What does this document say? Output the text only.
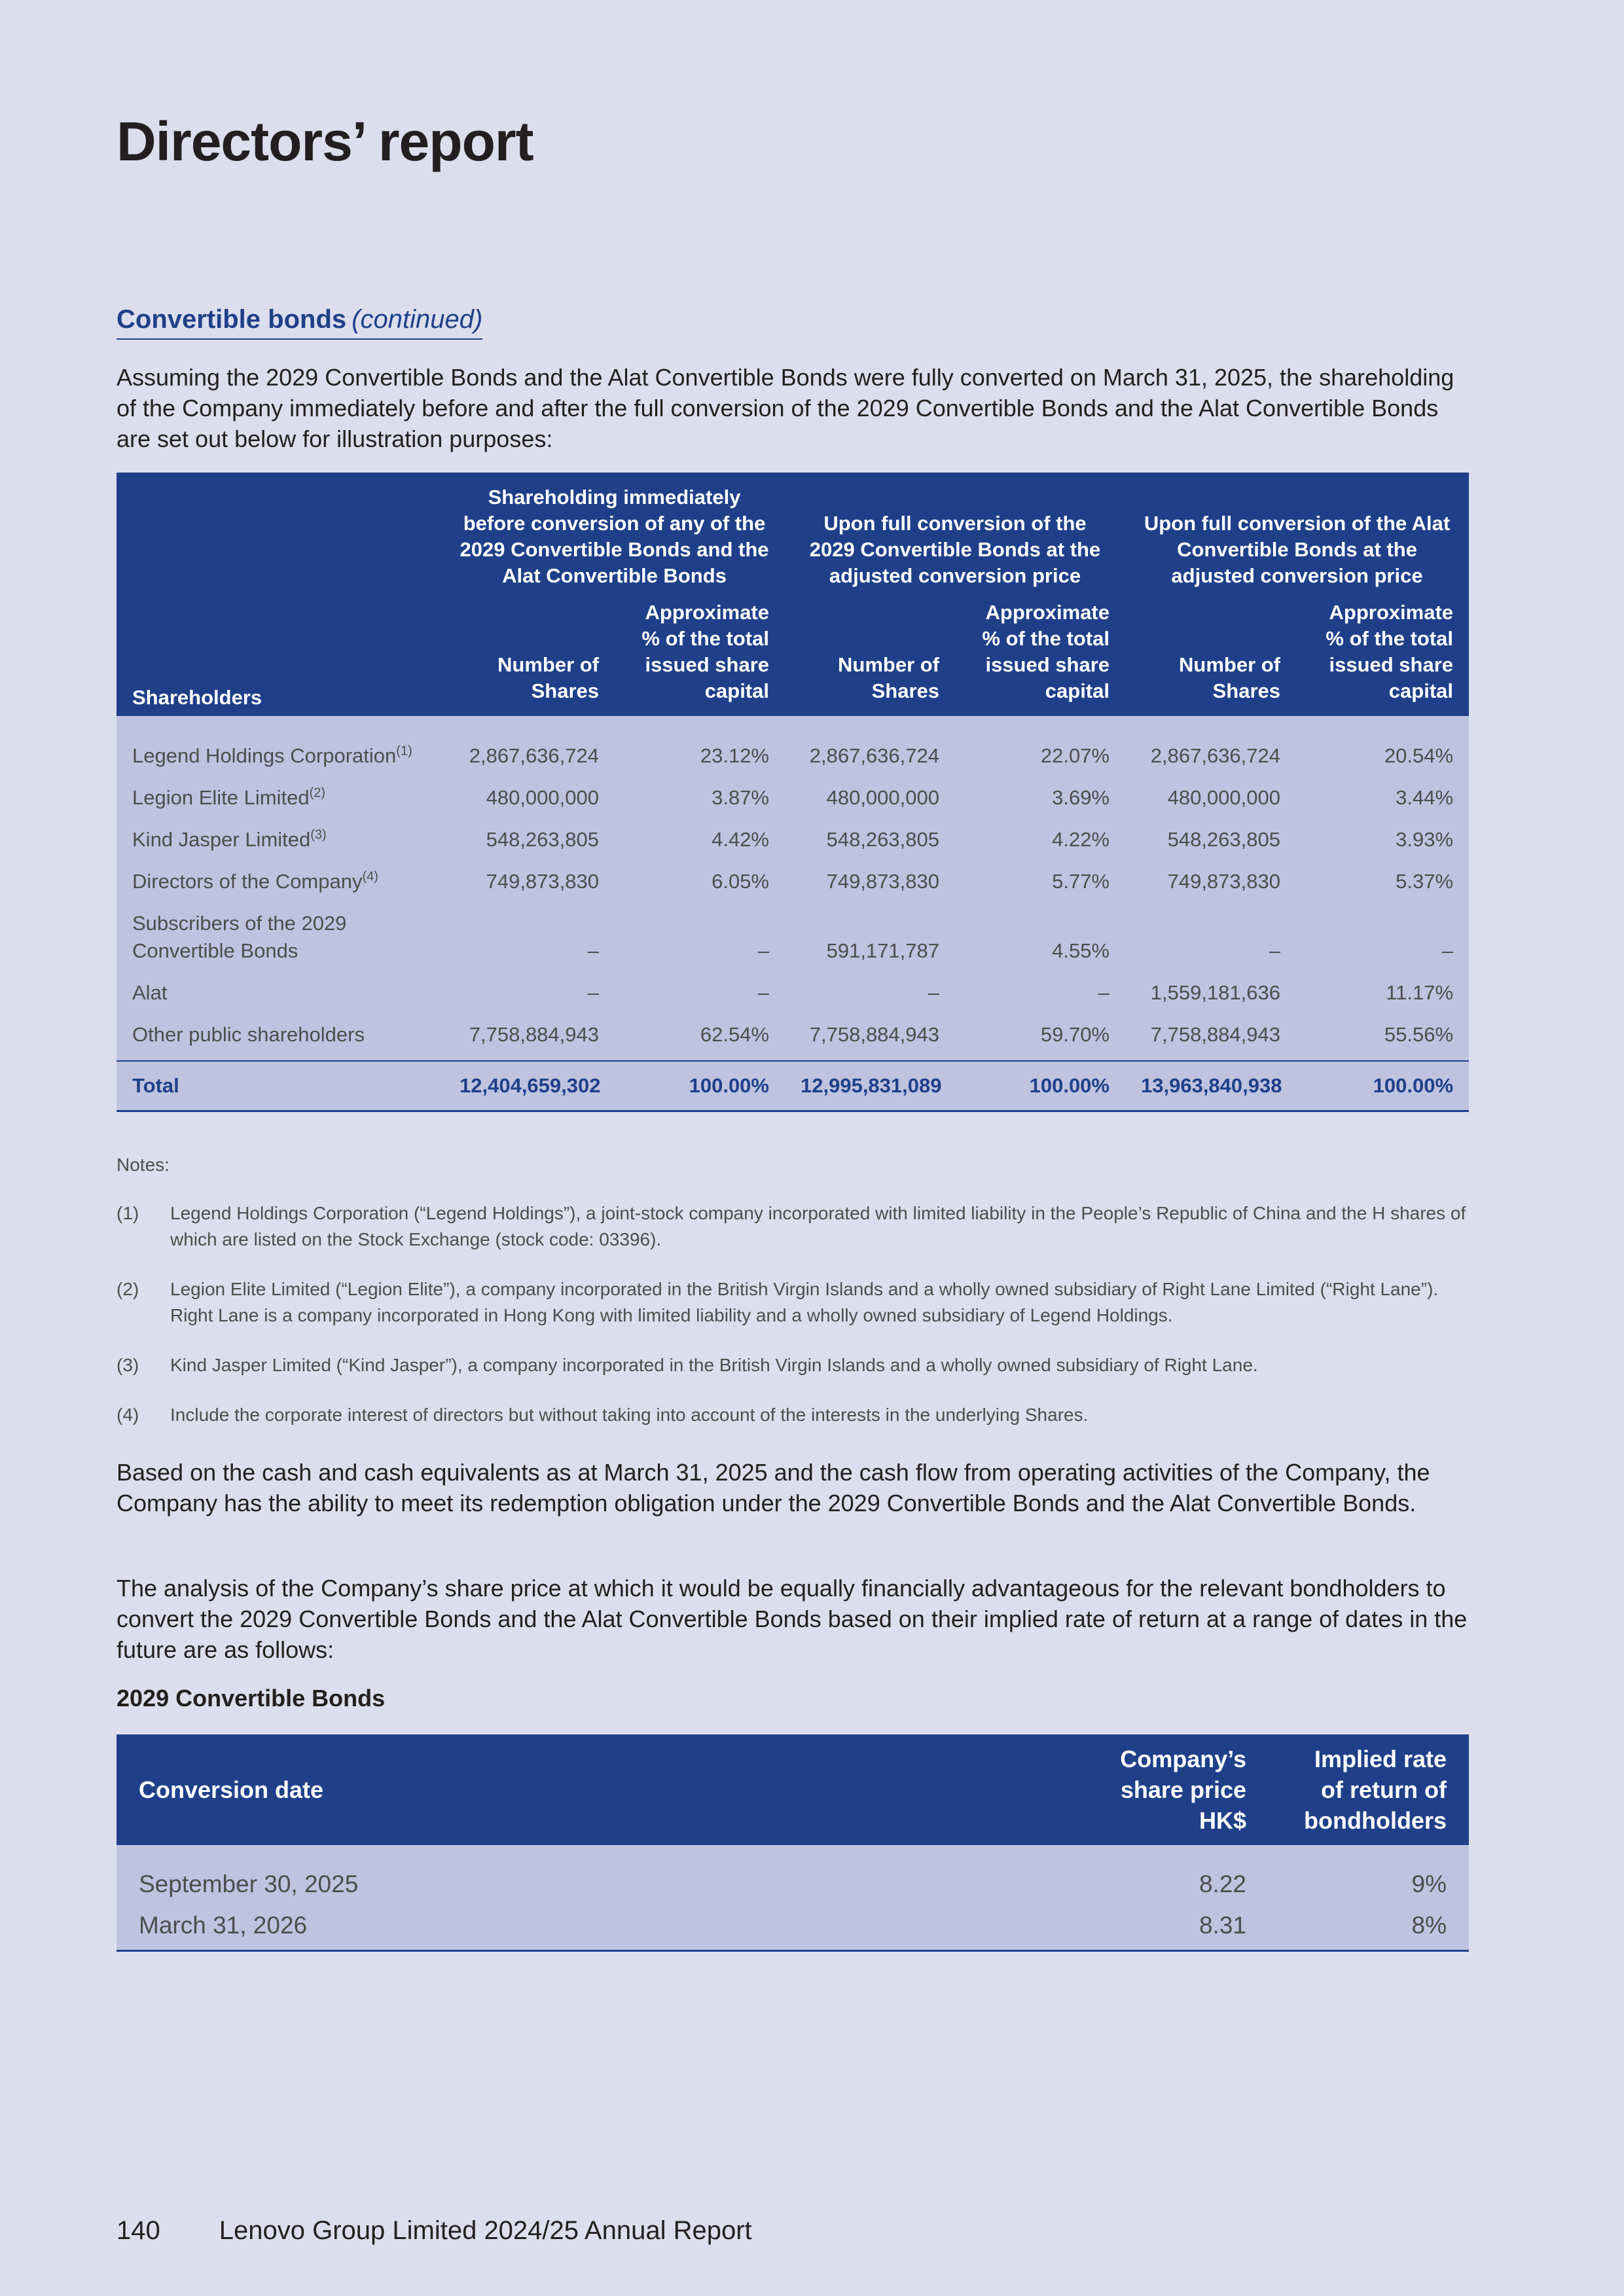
Directors’ report
Convertible bonds (continued)

Assuming the 2029 Convertible Bonds and the Alat Convertible Bonds were fully converted on March 31, 2025, the shareholding of the Company immediately before and after the full conversion of the 2029 Convertible Bonds and the Alat Convertible Bonds are set out below for illustration purposes:

Shareholders	Shareholding immediately before conversion of any of the 2029 Convertible Bonds and the Alat Convertible Bonds		Upon full conversion of the 2029 Convertible Bonds at the adjusted conversion price		Upon full conversion of the Alat Convertible Bonds at the adjusted conversion price	
	Number of Shares	Approximate % of the total issued share capital	Number of Shares	Approximate % of the total issued share capital	Number of Shares	Approximate % of the total issued share capital
Legend Holdings Corporation$^{(1)}$	2,867,636,724	23.12%	2,867,636,724	22.07%	2,867,636,724	20.54%
Legion Elite Limited$^{(2)}$	480,000,000	3.87%	480,000,000	3.69%	480,000,000	3.44%
Kind Jasper Limited$^{(3)}$	548,263,805	4.42%	548,263,805	4.22%	548,263,805	3.93%
Directors of the Company$^{(4)}$	749,873,830	6.05%	749,873,830	5.77%	749,873,830	5.37%
Subscribers of the 2029 Convertible Bonds	–	–	591,171,787	4.55%	–	–
Alat	–	–	–	–	1,559,181,636	11.17%
Other public shareholders	7,758,884,943	62.54%	7,758,884,943	59.70%	7,758,884,943	55.56%
Total	12,404,659,302	100.00%	12,995,831,089	100.00%	13,963,840,938	100.00%
Notes:
(1)	Legend Holdings Corporation (“Legend Holdings”), a joint-stock company incorporated with limited liability in the People’s Republic of China and the H shares of which are listed on the Stock Exchange (stock code: 03396).
(2)	Legion Elite Limited (“Legion Elite”), a company incorporated in the British Virgin Islands and a wholly owned subsidiary of Right Lane Limited (“Right Lane”). Right Lane is a company incorporated in Hong Kong with limited liability and a wholly owned subsidiary of Legend Holdings.
(3)	Kind Jasper Limited (“Kind Jasper”), a company incorporated in the British Virgin Islands and a wholly owned subsidiary of Right Lane.
(4)	Include the corporate interest of directors but without taking into account of the interests in the underlying Shares.

Based on the cash and cash equivalents as at March 31, 2025 and the cash flow from operating activities of the Company, the Company has the ability to meet its redemption obligation under the 2029 Convertible Bonds and the Alat Convertible Bonds.

The analysis of the Company’s share price at which it would be equally financially advantageous for the relevant bondholders to convert the 2029 Convertible Bonds and the Alat Convertible Bonds based on their implied rate of return at a range of dates in the future are as follows:

2029 Convertible Bonds
Conversion date	Company’s share price HK$	Implied rate of return of bondholders
September 30, 2025	8.22	9%
March 31, 2026	8.31	8%
140 Lenovo Group Limited 2024/25 Annual Report
